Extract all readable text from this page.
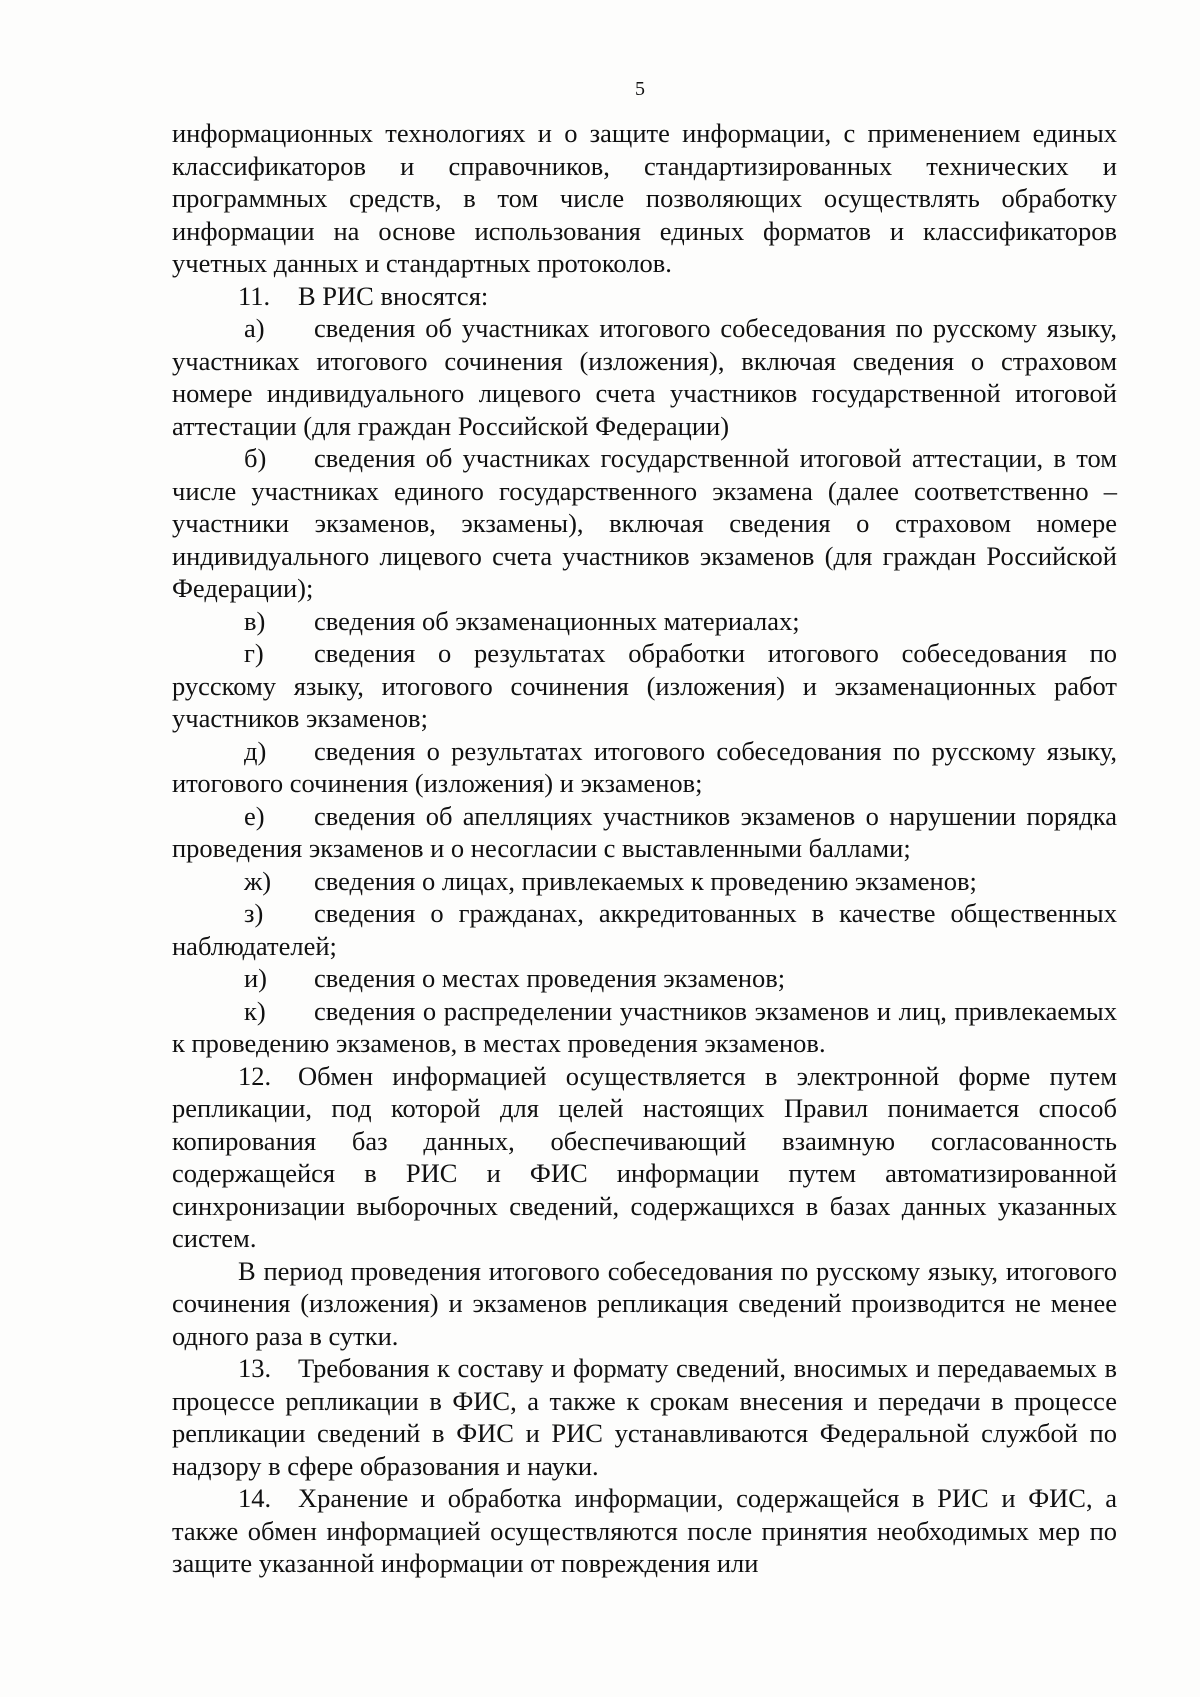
5

информационных технологиях и о защите информации, с применением единых классификаторов и справочников, стандартизированных технических и программных средств, в том числе позволяющих осуществлять обработку информации на основе использования единых форматов и классификаторов учетных данных и стандартных протоколов.

11. В РИС вносятся:

а) сведения об участниках итогового собеседования по русскому языку, участниках итогового сочинения (изложения), включая сведения о страховом номере индивидуального лицевого счета участников государственной итоговой аттестации (для граждан Российской Федерации)

б) сведения об участниках государственной итоговой аттестации, в том числе участниках единого государственного экзамена (далее соответственно – участники экзаменов, экзамены), включая сведения о страховом номере индивидуального лицевого счета участников экзаменов (для граждан Российской Федерации);

в) сведения об экзаменационных материалах;

г) сведения о результатах обработки итогового собеседования по русскому языку, итогового сочинения (изложения) и экзаменационных работ участников экзаменов;

д) сведения о результатах итогового собеседования по русскому языку, итогового сочинения (изложения) и экзаменов;

е) сведения об апелляциях участников экзаменов о нарушении порядка проведения экзаменов и о несогласии с выставленными баллами;

ж) сведения о лицах, привлекаемых к проведению экзаменов;

з) сведения о гражданах, аккредитованных в качестве общественных наблюдателей;

и) сведения о местах проведения экзаменов;

к) сведения о распределении участников экзаменов и лиц, привлекаемых к проведению экзаменов, в местах проведения экзаменов.

12. Обмен информацией осуществляется в электронной форме путем репликации, под которой для целей настоящих Правил понимается способ копирования баз данных, обеспечивающий взаимную согласованность содержащейся в РИС и ФИС информации путем автоматизированной синхронизации выборочных сведений, содержащихся в базах данных указанных систем.

В период проведения итогового собеседования по русскому языку, итогового сочинения (изложения) и экзаменов репликация сведений производится не менее одного раза в сутки.

13. Требования к составу и формату сведений, вносимых и передаваемых в процессе репликации в ФИС, а также к срокам внесения и передачи в процессе репликации сведений в ФИС и РИС устанавливаются Федеральной службой по надзору в сфере образования и науки.

14. Хранение и обработка информации, содержащейся в РИС и ФИС, а также обмен информацией осуществляются после принятия необходимых мер по защите указанной информации от повреждения или
